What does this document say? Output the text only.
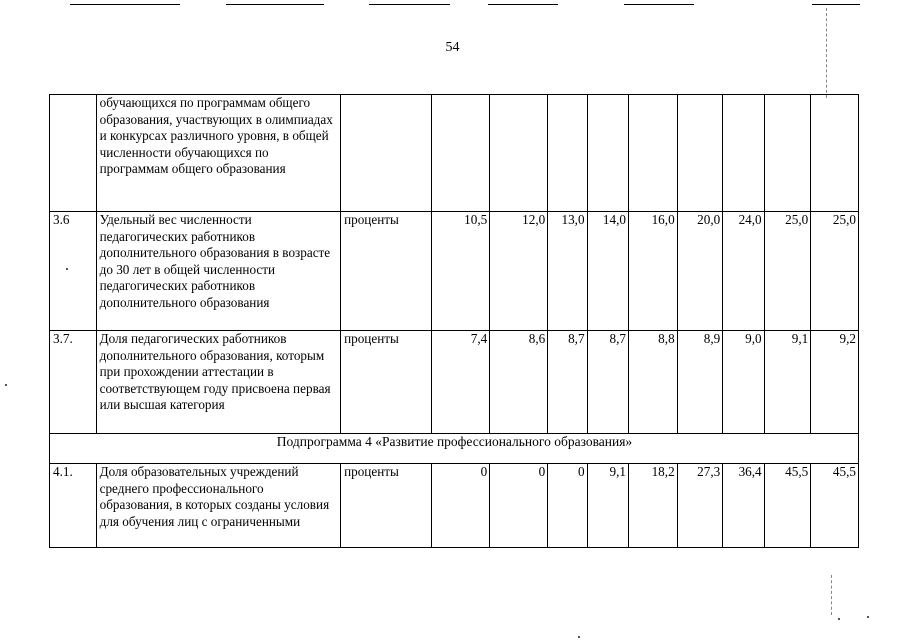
54
	обучающихся по программам общего образования, участвующих в олимпиадах и конкурсах различного уровня, в общей численности обучающихся по программам общего образования										
3.6	Удельный вес численности педагогических работников дополнительного образования в возрасте до 30 лет в общей численности педагогических работников дополнительного образования	проценты	10,5	12,0	13,0	14,0	16,0	20,0	24,0	25,0	25,0
3.7.	Доля педагогических работников дополнительного образования, которым при прохождении аттестации в соответствующем году присвоена первая или высшая категория	проценты	7,4	8,6	8,7	8,7	8,8	8,9	9,0	9,1	9,2
Подпрограмма 4 «Развитие профессионального образования»											
4.1.	Доля образовательных учреждений среднего профессионального образования, в которых созданы условия для обучения лиц с ограниченными	проценты	0	0	0	9,1	18,2	27,3	36,4	45,5	45,5
